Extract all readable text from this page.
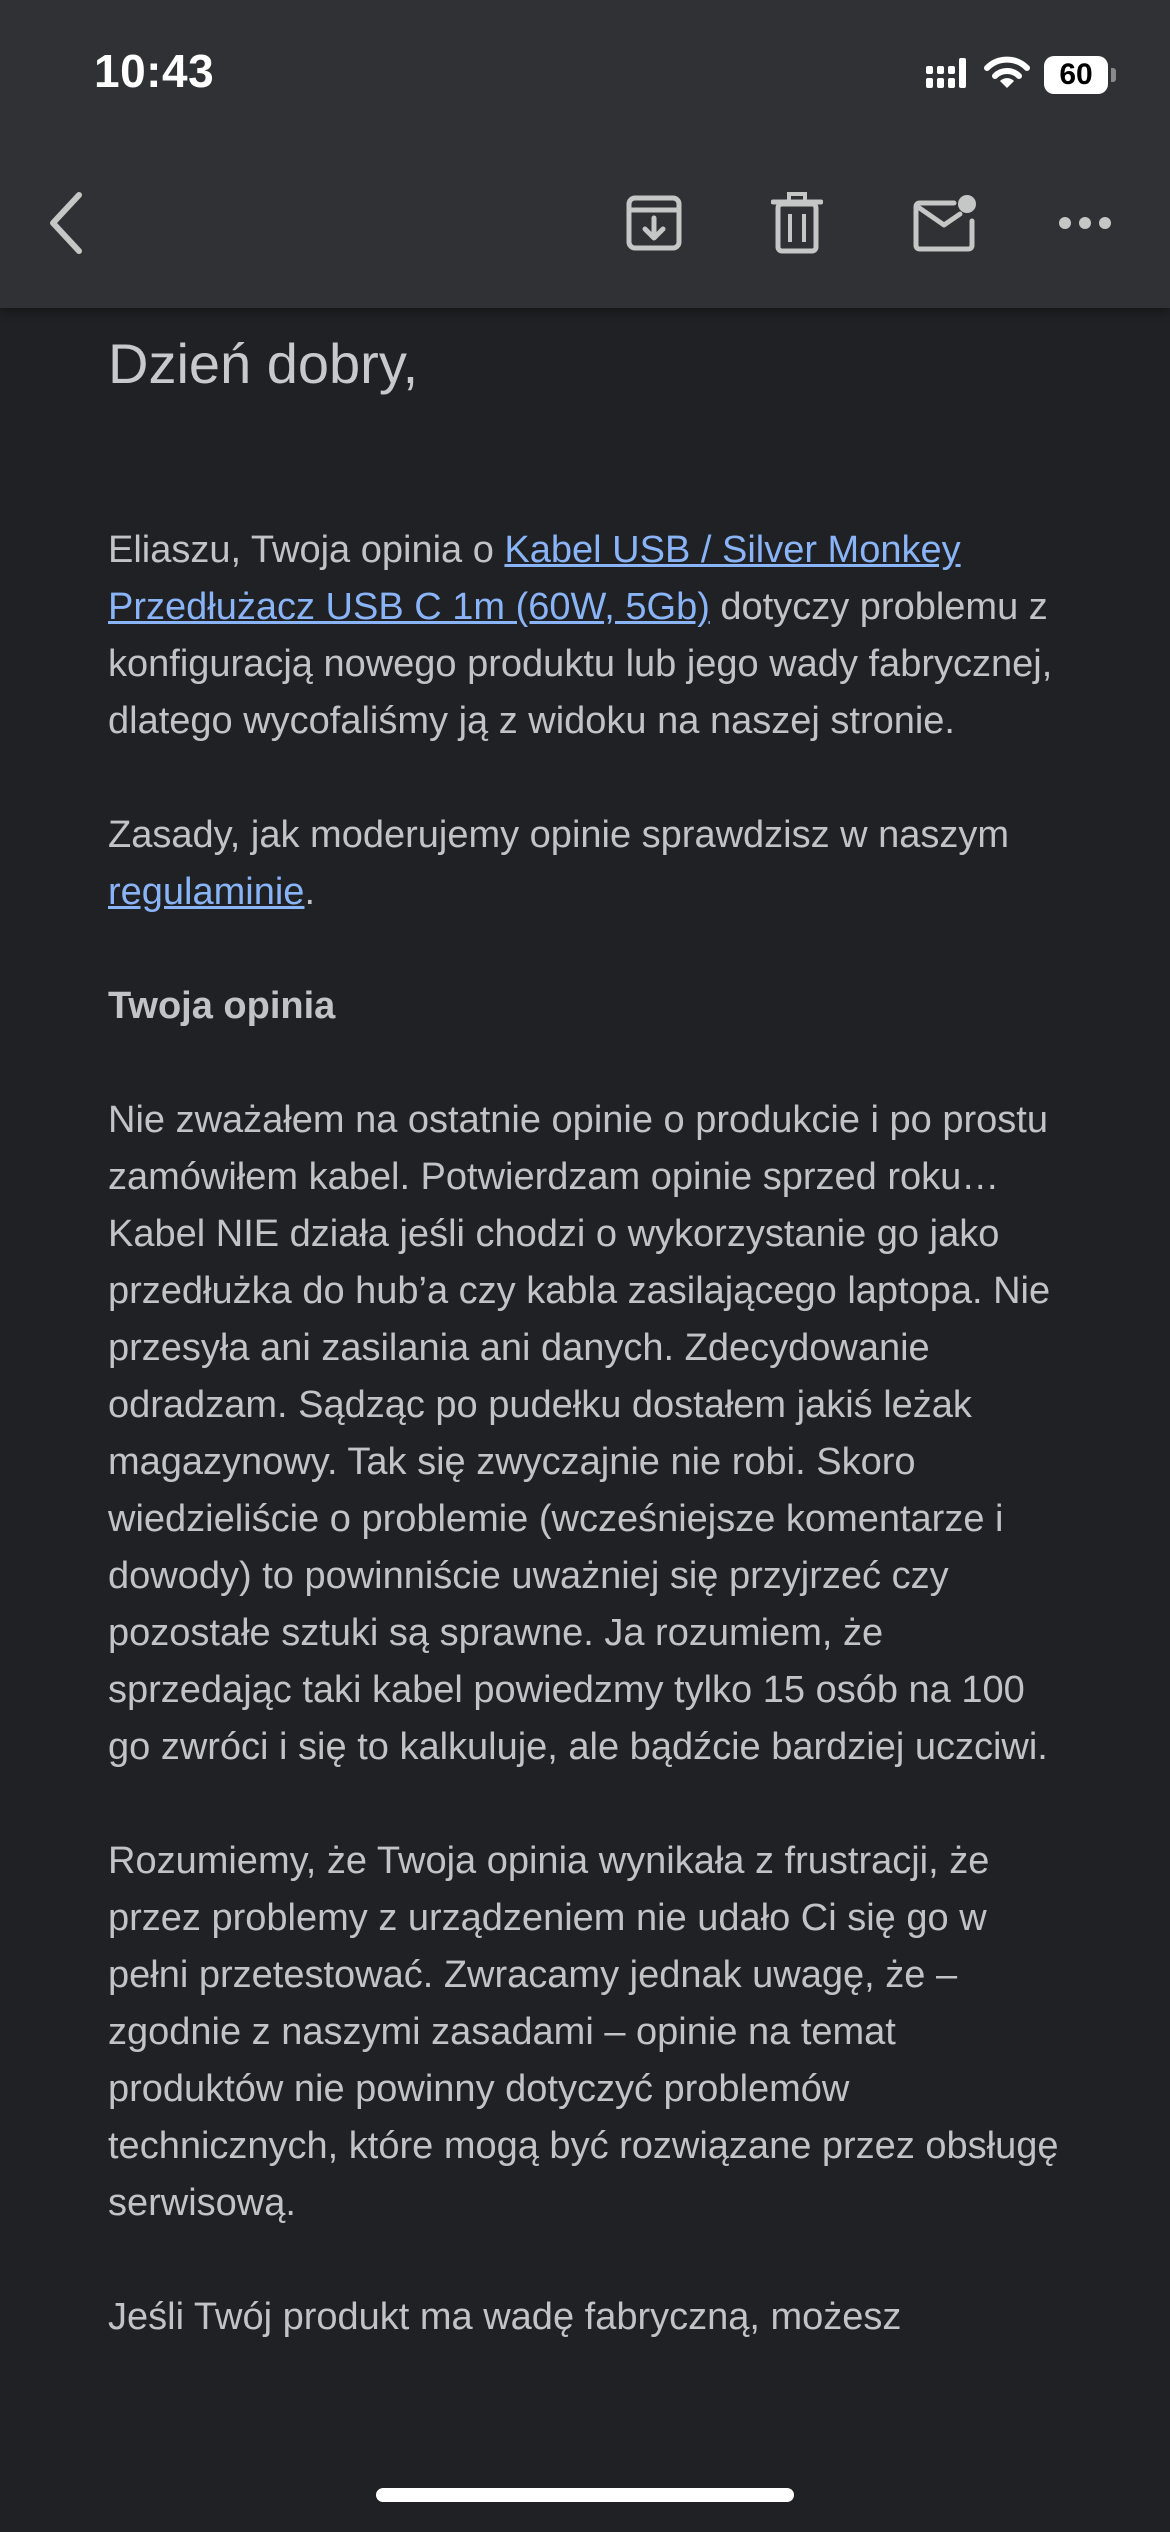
10:43	60

Dzień dobry,

Eliaszu, Twoja opinia o Kabel USB / Silver Monkey Przedłużacz USB C 1m (60W, 5Gb) dotyczy problemu z konfiguracją nowego produktu lub jego wady fabrycznej, dlatego wycofaliśmy ją z widoku na naszej stronie.

Zasady, jak moderujemy opinie sprawdzisz w naszym regulaminie.

Twoja opinia

Nie zważałem na ostatnie opinie o produkcie i po prostu zamówiłem kabel. Potwierdzam opinie sprzed roku… Kabel NIE działa jeśli chodzi o wykorzystanie go jako przedłużka do hub’a czy kabla zasilającego laptopa. Nie przesyła ani zasilania ani danych. Zdecydowanie odradzam. Sądząc po pudełku dostałem jakiś leżak magazynowy. Tak się zwyczajnie nie robi. Skoro wiedzieliście o problemie (wcześniejsze komentarze i dowody) to powinniście uważniej się przyjrzeć czy pozostałe sztuki są sprawne. Ja rozumiem, że sprzedając taki kabel powiedzmy tylko 15 osób na 100 go zwróci i się to kalkuluje, ale bądźcie bardziej uczciwi.

Rozumiemy, że Twoja opinia wynikała z frustracji, że przez problemy z urządzeniem nie udało Ci się go w pełni przetestować. Zwracamy jednak uwagę, że – zgodnie z naszymi zasadami – opinie na temat produktów nie powinny dotyczyć problemów technicznych, które mogą być rozwiązane przez obsługę serwisową.

Jeśli Twój produkt ma wadę fabryczną, możesz
